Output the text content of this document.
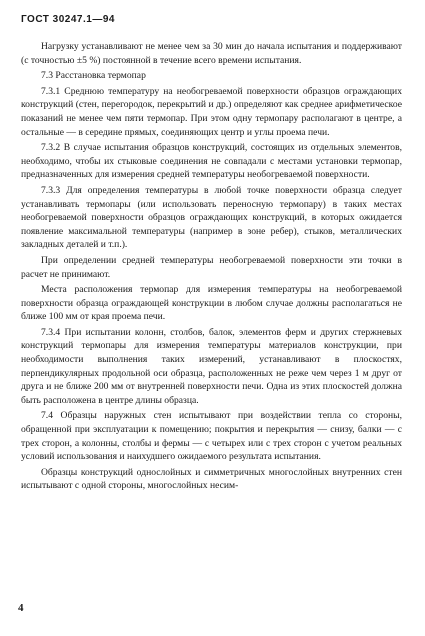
ГОСТ 30247.1—94

Нагрузку устанавливают не менее чем за 30 мин до начала испытания и поддерживают (с точностью ±5 %) постоянной в течение всего времени испытания.

7.3 Расстановка термопар

7.3.1 Среднюю температуру на необогреваемой поверхности образцов ограждающих конструкций (стен, перегородок, перекрытий и др.) определяют как среднее арифметическое показаний не менее чем пяти термопар. При этом одну термопару располагают в центре, а остальные — в середине прямых, соединяющих центр и углы проема печи.

7.3.2 В случае испытания образцов конструкций, состоящих из отдельных элементов, необходимо, чтобы их стыковые соединения не совпадали с местами установки термопар, предназначенных для измерения средней температуры необогреваемой поверхности.

7.3.3 Для определения температуры в любой точке поверхности образца следует устанавливать термопары (или использовать переносную термопару) в таких местах необогреваемой поверхности образцов ограждающих конструкций, в которых ожидается появление максимальной температуры (например в зоне ребер), стыков, металлических закладных деталей и т.п.).

При определении средней температуры необогреваемой поверхности эти точки в расчет не принимают.

Места расположения термопар для измерения температуры на необогреваемой поверхности образца ограждающей конструкции в любом случае должны располагаться не ближе 100 мм от края проема печи.

7.3.4 При испытании колонн, столбов, балок, элементов ферм и других стержневых конструкций термопары для измерения температуры материалов конструкции, при необходимости выполнения таких измерений, устанавливают в плоскостях, перпендикулярных продольной оси образца, расположенных не реже чем через 1 м друг от друга и не ближе 200 мм от внутренней поверхности печи. Одна из этих плоскостей должна быть расположена в центре длины образца.

7.4 Образцы наружных стен испытывают при воздействии тепла со стороны, обращенной при эксплуатации к помещению; покрытия и перекрытия — снизу, балки — с трех сторон, а колонны, столбы и фермы — с четырех или с трех сторон с учетом реальных условий использования и наихудшего ожидаемого результата испытания.

Образцы конструкций однослойных и симметричных многослойных внутренних стен испытывают с одной стороны, многослойных несим-

4
